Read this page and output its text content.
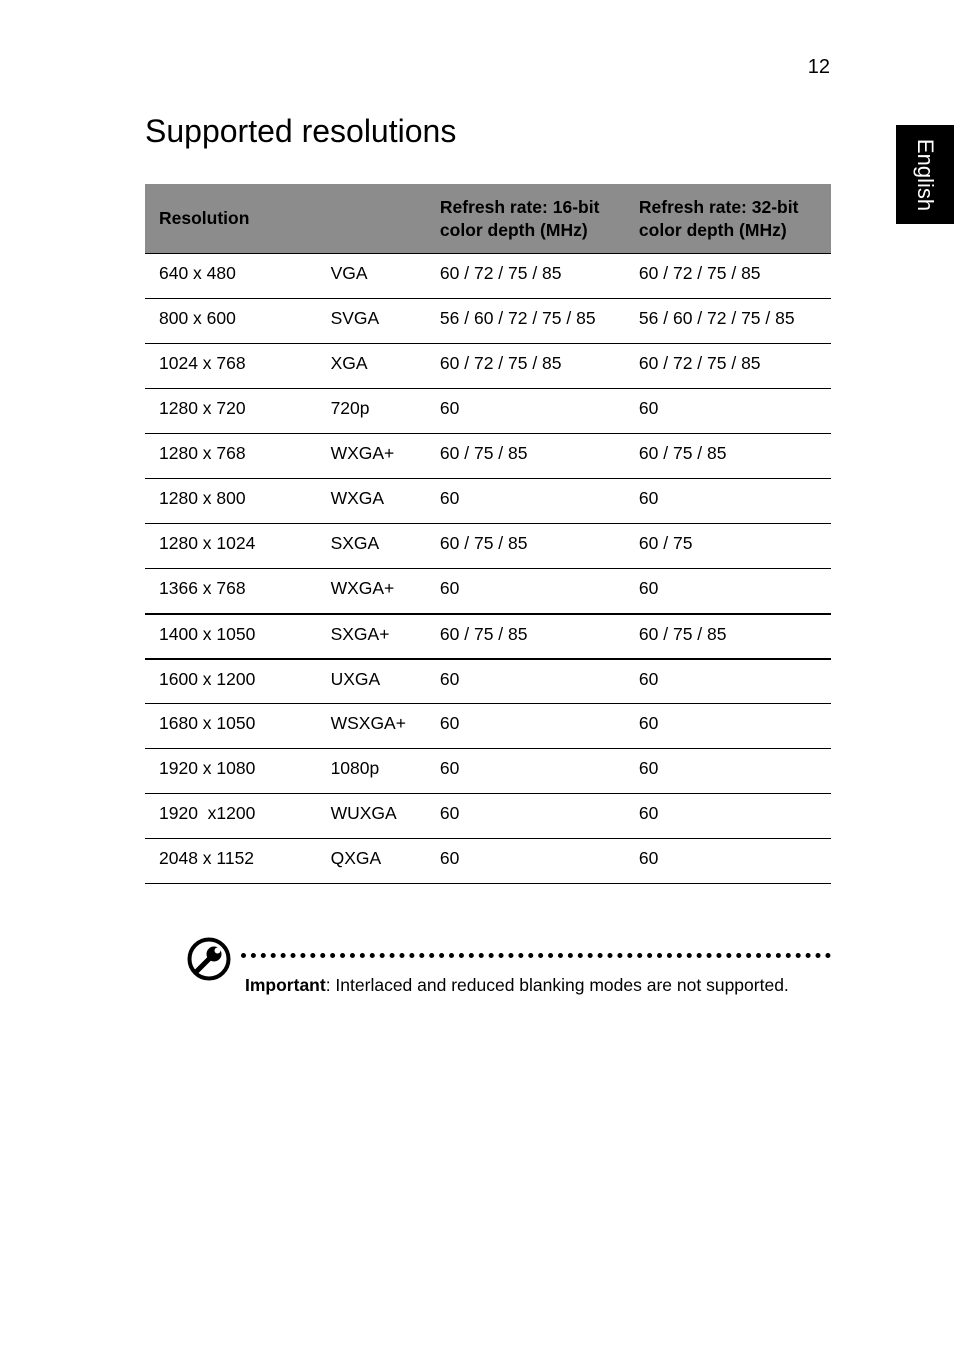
12
English
Supported resolutions
Resolution		Refresh rate: 16-bit color depth (MHz)	Refresh rate: 32-bit color depth (MHz)
640 x 480	VGA	60 / 72 / 75 / 85	60 / 72 / 75 / 85
800 x 600	SVGA	56 / 60 / 72 / 75 / 85	56 / 60 / 72 / 75 / 85
1024 x 768	XGA	60 / 72 / 75 / 85	60 / 72 / 75 / 85
1280 x 720	720p	60	60
1280 x 768	WXGA+	60 / 75 / 85	60 / 75 / 85
1280 x 800	WXGA	60	60
1280 x 1024	SXGA	60 / 75 / 85	60 / 75
1366 x 768	WXGA+	60	60
1400 x 1050	SXGA+	60 / 75 / 85	60 / 75 / 85
1600 x 1200	UXGA	60	60
1680 x 1050	WSXGA+	60	60
1920 x 1080	1080p	60	60
1920  x1200	WUXGA	60	60
2048 x 1152	QXGA	60	60
Important: Interlaced and reduced blanking modes are not supported.
